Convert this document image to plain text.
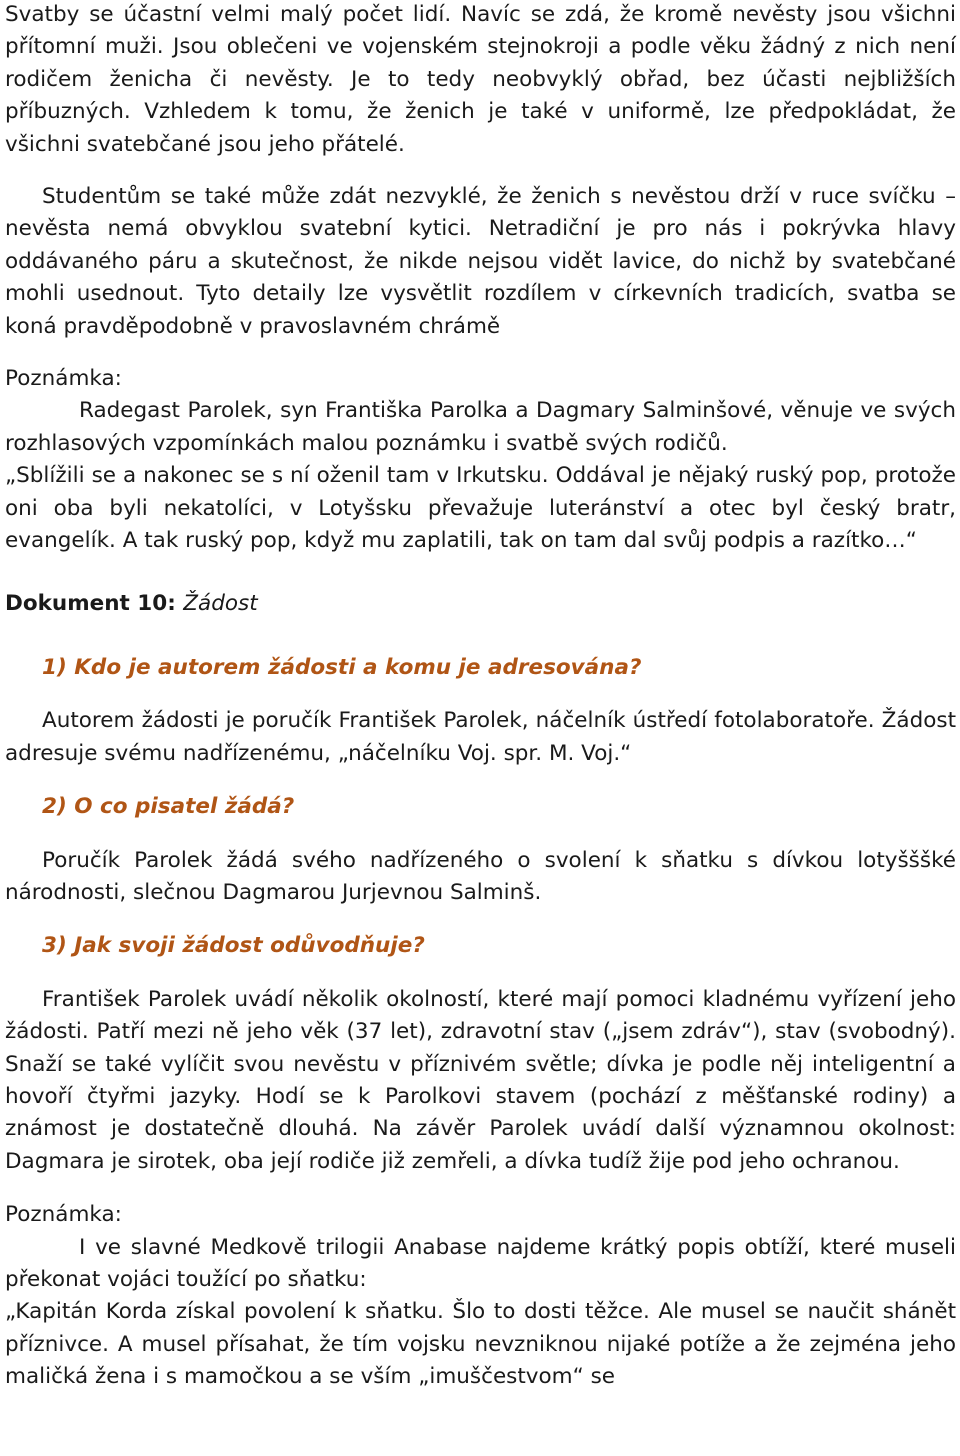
Svatby se účastní velmi malý počet lidí. Navíc se zdá, že kromě nevěsty jsou všichni přítomní muži. Jsou oblečeni ve vojenském stejnokroji a podle věku žádný z nich není rodičem ženicha či nevěsty. Je to tedy neobvyklý obřad, bez účasti nejbližších příbuzných. Vzhledem k tomu, že ženich je také v uniformě, lze předpokládat, že všichni svatebčané jsou jeho přátelé.

Studentům se také může zdát nezvyklé, že ženich s nevěstou drží v ruce svíčku – nevěsta nemá obvyklou svatební kytici. Netradiční je pro nás i pokrývka hlavy oddávaného páru a skutečnost, že nikde nejsou vidět lavice, do nichž by svatebčané mohli usednout. Tyto detaily lze vysvětlit rozdílem v církevních tradicích, svatba se koná pravděpodobně v pravoslavném chrámě

Poznámka:

Radegast Parolek, syn Františka Parolka a Dagmary Salminšové, věnuje ve svých rozhlasových vzpomínkách malou poznámku i svatbě svých rodičů.

„Sblížili se a nakonec se s ní oženil tam v Irkutsku. Oddával je nějaký ruský pop, protože oni oba byli nekatolíci, v Lotyšsku převažuje luteránství a otec byl český bratr, evangelík. A tak ruský pop, když mu zaplatili, tak on tam dal svůj podpis a razítko…“

Dokument 10: Žádost

1) Kdo je autorem žádosti a komu je adresována?

Autorem žádosti je poručík František Parolek, náčelník ústředí fotolaboratoře. Žádost adresuje svému nadřízenému, „náčelníku Voj. spr. M. Voj.“

2) O co pisatel žádá?

Poručík Parolek žádá svého nadřízeného o svolení k sňatku s dívkou lotyšššké národnosti, slečnou Dagmarou Jurjevnou Salminš.

3) Jak svoji žádost odůvodňuje?

František Parolek uvádí několik okolností, které mají pomoci kladnému vyřízení jeho žádosti. Patří mezi ně jeho věk (37 let), zdravotní stav („jsem zdráv“), stav (svobodný). Snaží se také vylíčit svou nevěstu v příznivém světle; dívka je podle něj inteligentní a hovoří čtyřmi jazyky. Hodí se k Parolkovi stavem (pochází z měšťanské rodiny) a známost je dostatečně dlouhá. Na závěr Parolek uvádí další významnou okolnost: Dagmara je sirotek, oba její rodiče již zemřeli, a dívka tudíž žije pod jeho ochranou.

Poznámka:

I ve slavné Medkově trilogii Anabase najdeme krátký popis obtíží, které museli překonat vojáci toužící po sňatku:

„Kapitán Korda získal povolení k sňatku. Šlo to dosti těžce. Ale musel se naučit shánět příznivce. A musel přísahat, že tím vojsku nevzniknou nijaké potíže a že zejména jeho maličká žena i s mamočkou a se vším „imuščestvom“ se
